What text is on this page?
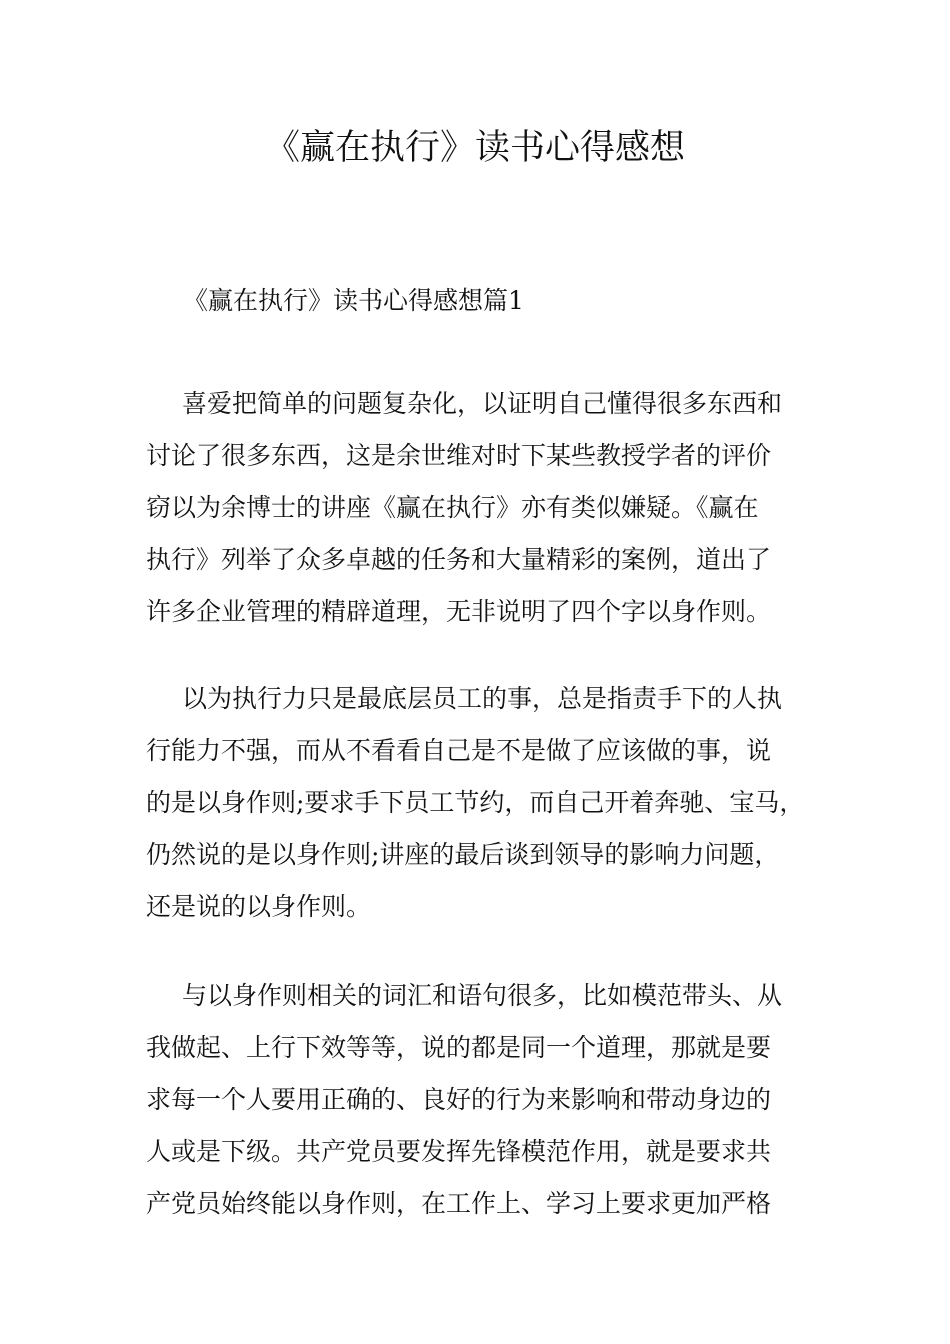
《赢在执行》读书心得感想

《赢在执行》读书心得感想篇1

喜爱把简单的问题复杂化，以证明自己懂得很多东西和
讨论了很多东西，这是余世维对时下某些教授学者的评价
窃以为余博士的讲座《赢在执行》亦有类似嫌疑。《赢在
执行》列举了众多卓越的任务和大量精彩的案例，道出了
许多企业管理的精辟道理，无非说明了四个字以身作则。
以为执行力只是最底层员工的事，总是指责手下的人执
行能力不强，而从不看看自己是不是做了应该做的事，说
的是以身作则;要求手下员工节约，而自己开着奔驰、宝马，
仍然说的是以身作则;讲座的最后谈到领导的影响力问题，
还是说的以身作则。
与以身作则相关的词汇和语句很多，比如模范带头、从
我做起、上行下效等等，说的都是同一个道理，那就是要
求每一个人要用正确的、良好的行为来影响和带动身边的
人或是下级。共产党员要发挥先锋模范作用，就是要求共
产党员始终能以身作则，在工作上、学习上要求更加严格
